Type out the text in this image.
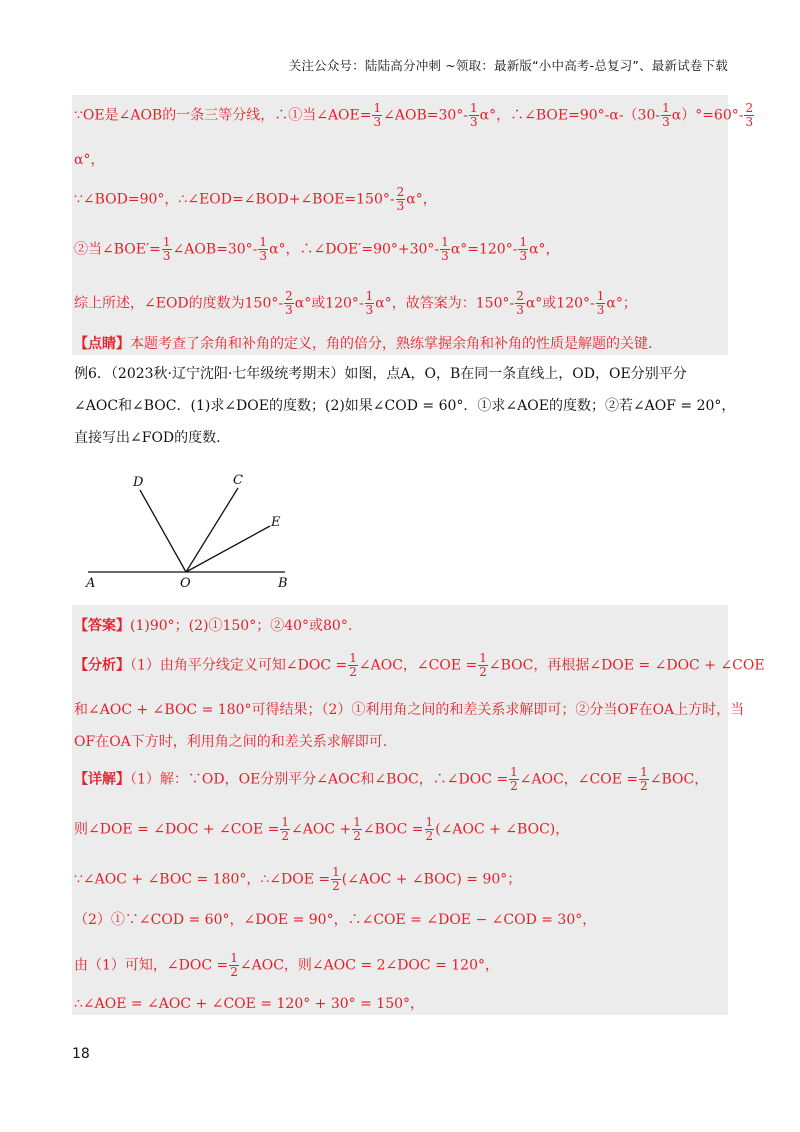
关注公众号：陆陆高分冲刺 ~领取：最新版“小中高考-总复习”、最新试卷下载
∵OE是∠AOB的一条三等分线，∴①当∠AOE= $\frac{1}{3}$ ∠AOB=30°- $\frac{1}{3} \alpha^\circ$，∴∠BOE=90°-α-（30- $\frac{1}{3} \alpha)^\circ=60^\circ- \frac{2}{3}$
α°，
∵∠BOD=90°，∴∠EOD=∠BOD+∠BOE=150°- $\frac{2}{3} \alpha^\circ$，
②当∠BOE′= $\frac{1}{3}$ ∠AOB=30°- $\frac{1}{3} \alpha^\circ$，∴∠DOE′=90°+30°- $\frac{1}{3} \alpha^\circ=120^\circ- \frac{1}{3} \alpha^\circ$，
综上所述，∠EOD的度数为$150^\circ- \frac{2}{3} \alpha^\circ$或$120^\circ- \frac{1}{3} \alpha^\circ$，故答案为：$150^\circ- \frac{2}{3} \alpha^\circ$或$120^\circ- \frac{1}{3} \alpha^\circ$；
【点睛】本题考查了余角和补角的定义，角的倍分，熟练掌握余角和补角的性质是解题的关键.
例6．（2023秋·辽宁沈阳·七年级统考期末）如图，点A，O，B在同一条直线上，OD，OE分别平分
∠AOC和∠BOC．(1)求∠DOE的度数；(2)如果∠COD = 60°．①求∠AOE的度数；②若∠AOF = 20°，
直接写出∠FOD的度数.
D	C
E
A	O	B
【答案】(1)90°；(2)①150°；②40°或80°.
【分析】（1）由角平分线定义可知∠DOC = $\frac{1}{2}$ ∠AOC，∠COE = $\frac{1}{2}$ ∠BOC，再根据∠DOE = ∠DOC + ∠COE
和∠AOC + ∠BOC = 180°可得结果；（2）①利用角之间的和差关系求解即可；②分当OF在OA上方时，当
OF在OA下方时，利用角之间的和差关系求解即可.
【详解】（1）解：∵OD，OE分别平分∠AOC和∠BOC，∴∠DOC = $\frac{1}{2}$ ∠AOC，∠COE = $\frac{1}{2}$ ∠BOC，
则∠DOE = ∠DOC + ∠COE = $\frac{1}{2}$ ∠AOC + $\frac{1}{2}$ ∠BOC = $\frac{1}{2}$ (∠AOC + ∠BOC)，
∵∠AOC + ∠BOC = 180°，∴∠DOE = $\frac{1}{2}$ (∠AOC + ∠BOC) = 90°；
（2）①∵∠COD = 60°，∠DOE = 90°，∴∠COE = ∠DOE − ∠COD = 30°，
由（1）可知，∠DOC = $\frac{1}{2}$ ∠AOC，则∠AOC = 2∠DOC = 120°，
∴∠AOE = ∠AOC + ∠COE = 120° + 30° = 150°，
18
